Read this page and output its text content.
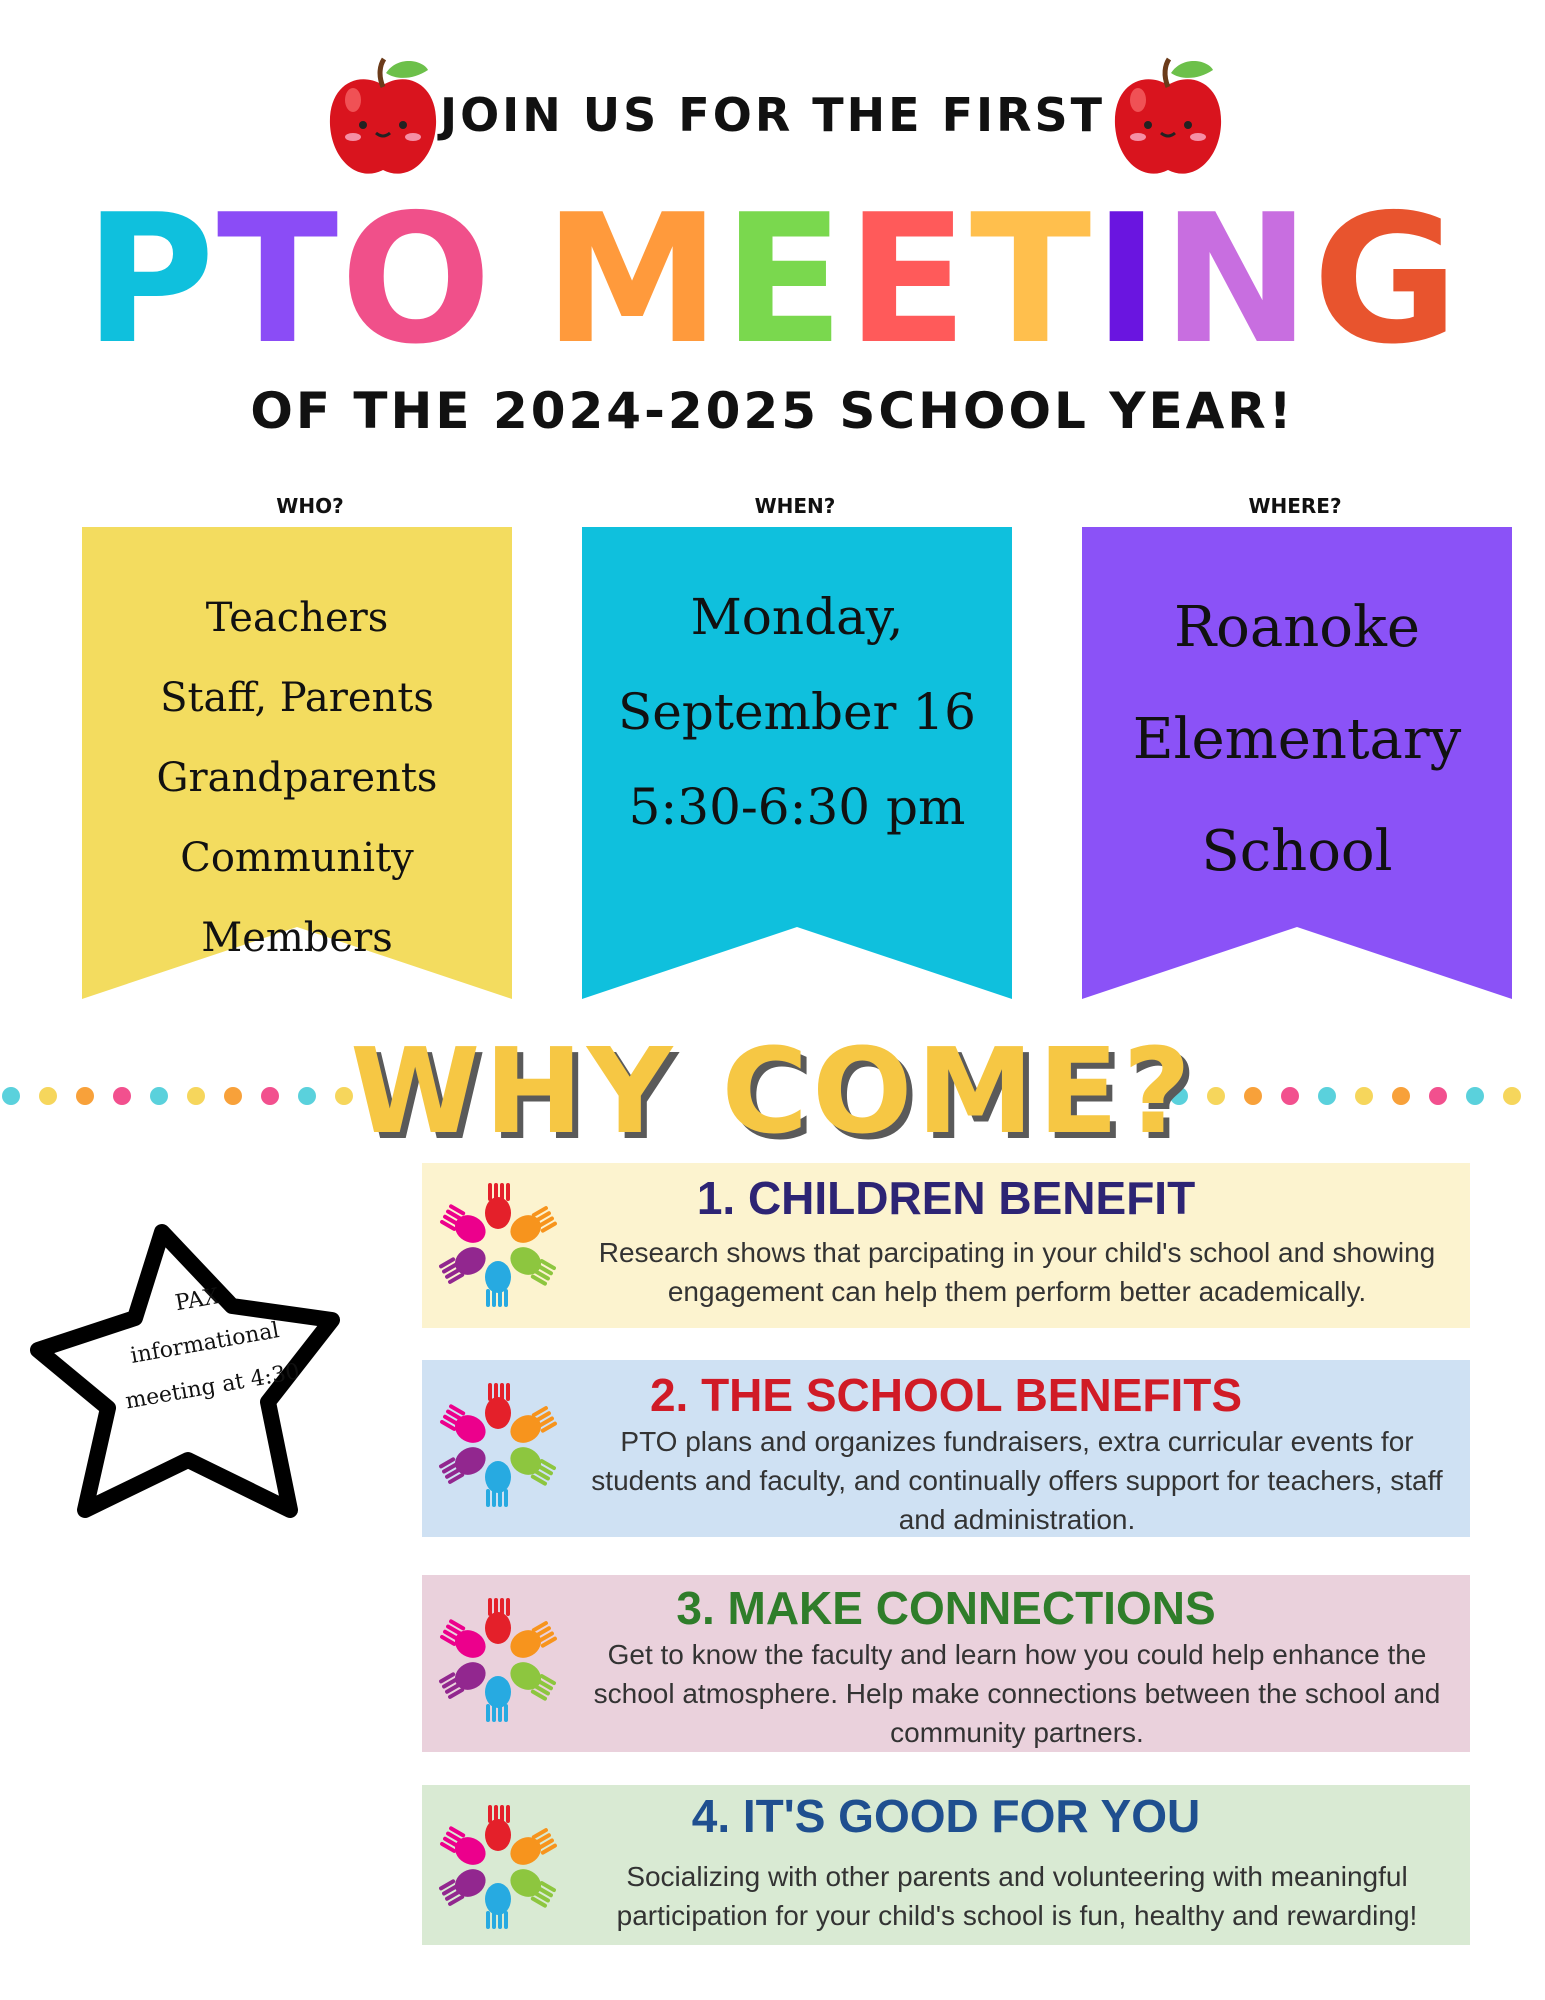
JOIN US FOR THE FIRST
PTO MEETING
OF THE 2024-2025 SCHOOL YEAR!
WHO?	WHEN?	WHERE?
Teachers
Staff, Parents
Grandparents
Community Members
Monday,
September 16
5:30-6:30 pm
Roanoke
Elementary
School
WHY COME?
1. CHILDREN BENEFIT
Research shows that parcipating in your child's school and showing engagement can help them perform better academically.
2. THE SCHOOL BENEFITS
PTO plans and organizes fundraisers, extra curricular events for students and faculty, and continually offers support for teachers, staff and administration.
3. MAKE CONNECTIONS
Get to know the faculty and learn how you could help enhance the school atmosphere. Help make connections between the school and community partners.
4. IT'S GOOD FOR YOU
Socializing with other parents and volunteering with meaningful participation for your child's school is fun, healthy and rewarding!
PAX
informational
meeting at 4:30
